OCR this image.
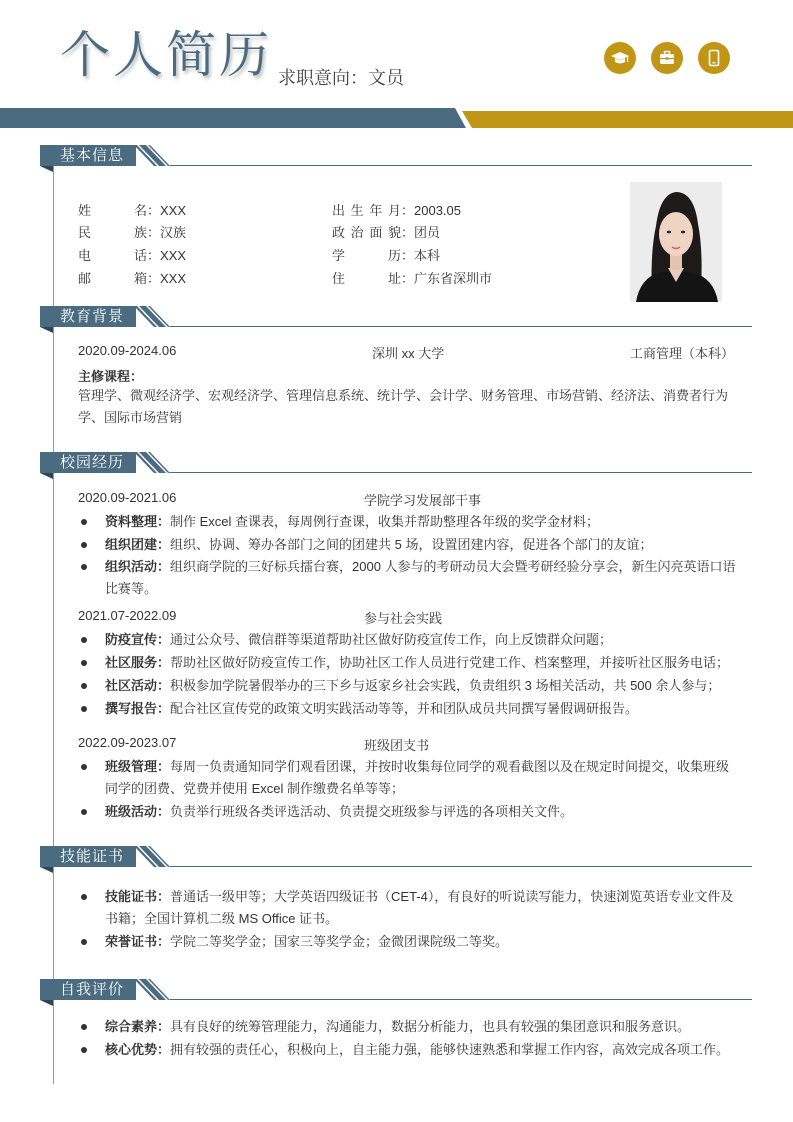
个人简历 求职意向：文员
基本信息
姓名：XXX
民族：汉族
电话：XXX
邮箱：XXX
出生年月：2003.05
政治面貌：团员
学历：本科
住址：广东省深圳市
教育背景
2020.09-2024.06	深圳 xx 大学	工商管理（本科）
主修课程：
管理学、微观经济学、宏观经济学、管理信息系统、统计学、会计学、财务管理、市场营销、经济法、消费者行为学、国际市场营销
校园经历
2020.09-2021.06	学院学习发展部干事
资料整理：制作 Excel 查课表，每周例行查课，收集并帮助整理各年级的奖学金材料；
组织团建：组织、协调、筹办各部门之间的团建共 5 场，设置团建内容，促进各个部门的友谊；
组织活动：组织商学院的三好标兵擂台赛，2000 人参与的考研动员大会暨考研经验分享会，新生闪亮英语口语比赛等。
2021.07-2022.09	参与社会实践
防疫宣传：通过公众号、微信群等渠道帮助社区做好防疫宣传工作，向上反馈群众问题；
社区服务：帮助社区做好防疫宣传工作，协助社区工作人员进行党建工作、档案整理，并接听社区服务电话；
社区活动：积极参加学院暑假举办的三下乡与返家乡社会实践，负责组织 3 场相关活动，共 500 余人参与；
撰写报告：配合社区宣传党的政策文明实践活动等等，并和团队成员共同撰写暑假调研报告。
2022.09-2023.07	班级团支书
班级管理：每周一负责通知同学们观看团课，并按时收集每位同学的观看截图以及在规定时间提交，收集班级同学的团费、党费并使用 Excel 制作缴费名单等等；
班级活动：负责举行班级各类评选活动、负责提交班级参与评选的各项相关文件。
技能证书
技能证书：普通话一级甲等；大学英语四级证书（CET-4），有良好的听说读写能力，快速浏览英语专业文件及书籍；全国计算机二级 MS Office 证书。
荣誉证书：学院二等奖学金；国家三等奖学金；金微团课院级二等奖。
自我评价
综合素养：具有良好的统筹管理能力，沟通能力，数据分析能力，也具有较强的集团意识和服务意识。
核心优势：拥有较强的责任心，积极向上，自主能力强，能够快速熟悉和掌握工作内容，高效完成各项工作。
